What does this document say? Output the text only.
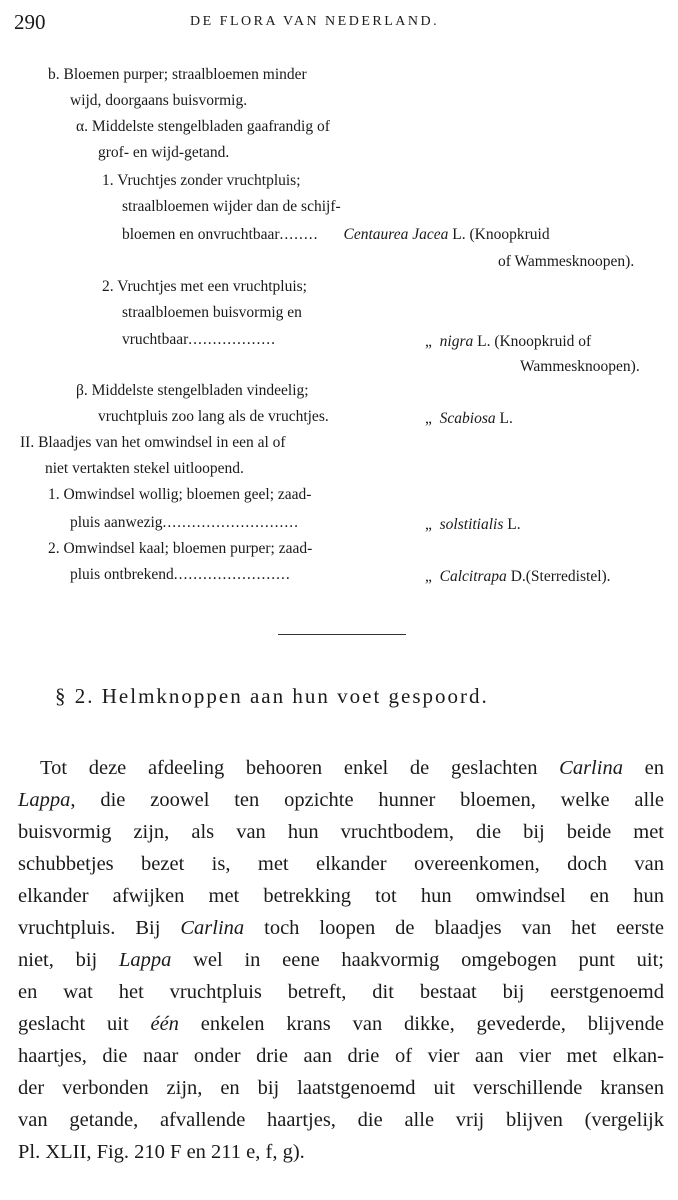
290	DE FLORA VAN NEDERLAND.
b. Bloemen purper; straalbloemen minder
wijd, doorgaans buisvormig.
α. Middelste stengelbladen gaafrandig of
grof- en wijd-getand.
1. Vruchtjes zonder vruchtpluis;
straalbloemen wijder dan de schijf-
bloemen en onvruchtbaar........ Centaurea Jacea L. (Knoopkruid
of Wammesknoopen).
2. Vruchtjes met een vruchtpluis;
straalbloemen buisvormig en
vruchtbaar..................	„ nigra L. (Knoopkruid of
Wammesknoopen).
β. Middelste stengelbladen vindeelig;
vruchtpluis zoo lang als de vruchtjes.	„ Scabiosa L.
II. Blaadjes van het omwindsel in een al of
niet vertakten stekel uitloopend.
1. Omwindsel wollig; bloemen geel; zaad-
pluis aanwezig............................	„ solstitialis L.
2. Omwindsel kaal; bloemen purper; zaad-
pluis ontbrekend........................	„ Calcitrapa D.(Sterredistel).
§ 2. Helmknoppen aan hun voet gespoord.
Tot deze afdeeling behooren enkel de geslachten Carlina en
Lappa, die zoowel ten opzichte hunner bloemen, welke alle
buisvormig zijn, als van hun vruchtbodem, die bij beide met
schubbetjes bezet is, met elkander overeenkomen, doch van
elkander afwijken met betrekking tot hun omwindsel en hun
vruchtpluis. Bij Carlina toch loopen de blaadjes van het eerste
niet, bij Lappa wel in eene haakvormig omgebogen punt uit;
en wat het vruchtpluis betreft, dit bestaat bij eerstgenoemd
geslacht uit één enkelen krans van dikke, gevederde, blijvende
haartjes, die naar onder drie aan drie of vier aan vier met elkan-
der verbonden zijn, en bij laatstgenoemd uit verschillende kransen
van getande, afvallende haartjes, die alle vrij blijven (vergelijk
Pl. XLII, Fig. 210 F en 211 e, f, g).
